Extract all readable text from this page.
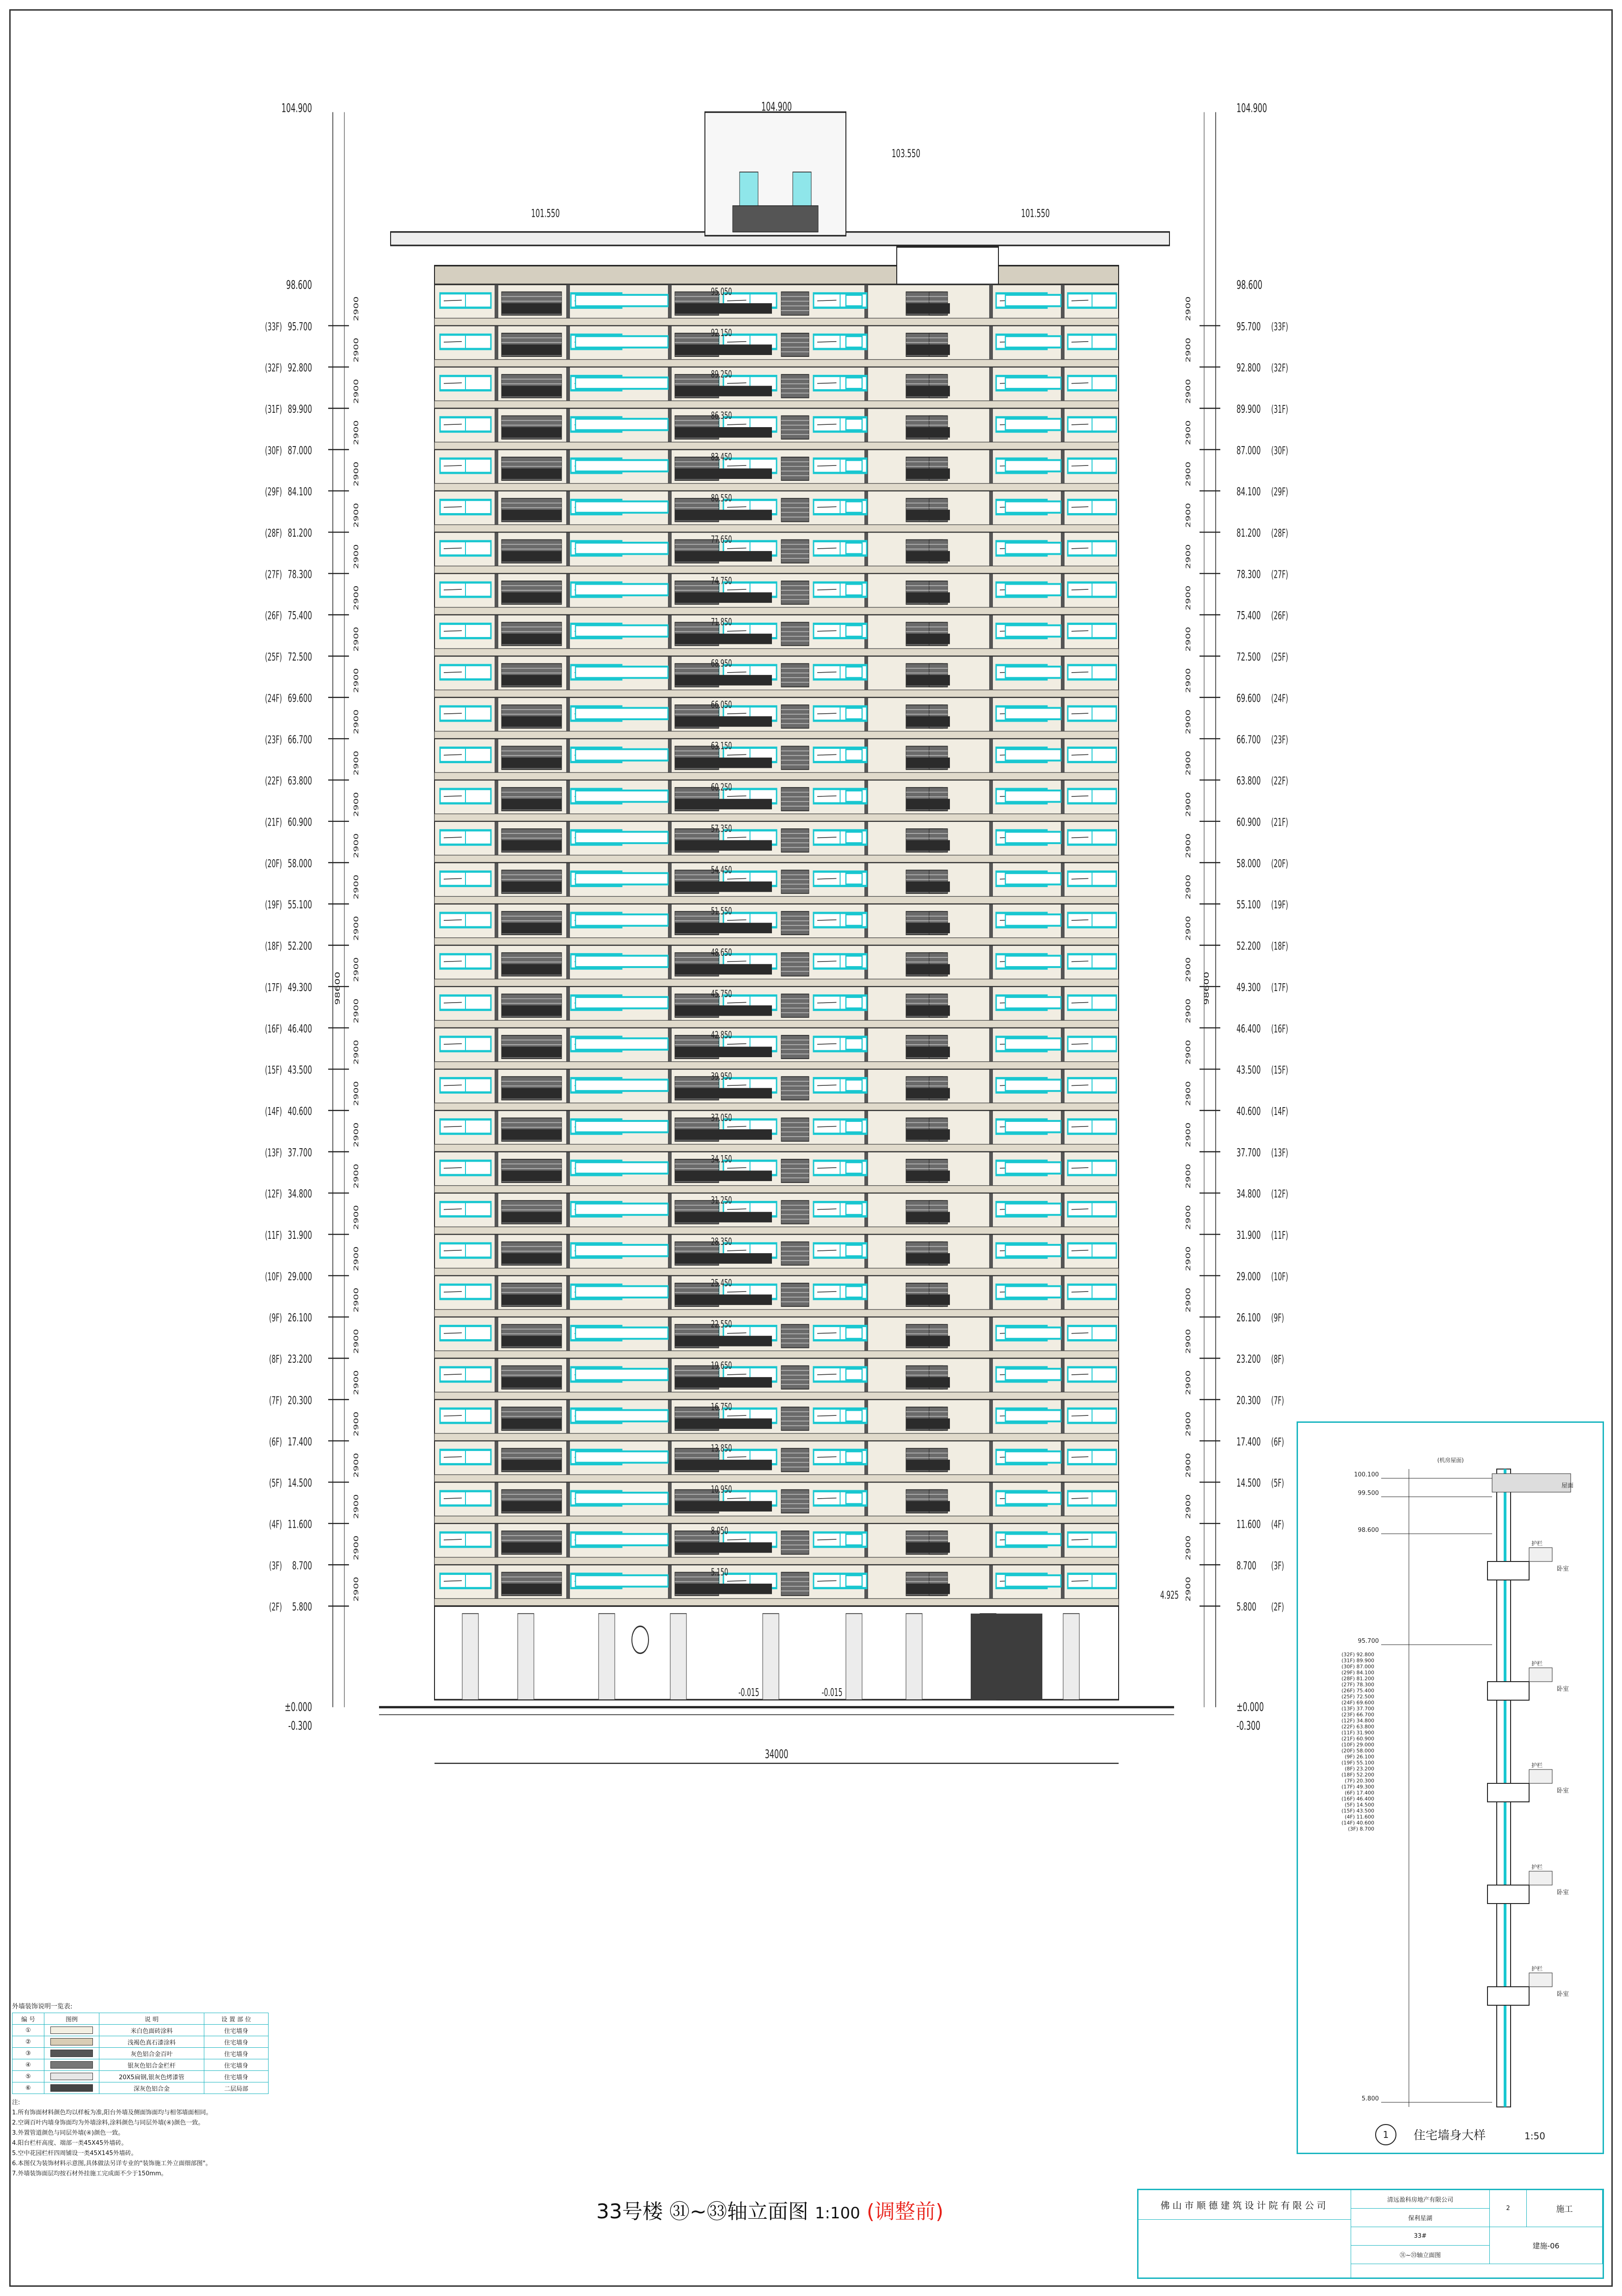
95.050
92.150
89.250
86.350
83.450
80.550
77.650
74.750
71.850
68.950
66.050
63.150
60.250
57.350
54.450
51.550
48.650
45.750
42.850
39.950
37.050
34.150
31.250
28.350
25.450
22.550
19.650
16.750
13.850
10.950
8.050
5.150
34000
104.900	104.900
104.900
103.550
101.550	101.550
98.600	98.600
±0.000	±0.000
-0.300	-0.300
-0.015	-0.015
4.925
(33F) 95.700	95.700 (33F)
2900	2900
(32F) 92.800	92.800 (32F)
2900	2900
(31F) 89.900	89.900 (31F)
2900	2900
(30F) 87.000	87.000 (30F)
2900	2900
(29F) 84.100	84.100 (29F)
2900	2900
(28F) 81.200	81.200 (28F)
2900	2900
(27F) 78.300	78.300 (27F)
2900	2900
(26F) 75.400	75.400 (26F)
2900	2900
(25F) 72.500	72.500 (25F)
2900	2900
(24F) 69.600	69.600 (24F)
2900	2900
(23F) 66.700	66.700 (23F)
2900	2900
(22F) 63.800	63.800 (22F)
2900	2900
(21F) 60.900	60.900 (21F)
2900	2900
(20F) 58.000	58.000 (20F)
2900	2900
(19F) 55.100	55.100 (19F)
2900	2900
(18F) 52.200	52.200 (18F)
2900	2900
(17F) 49.300	49.300 (17F)
2900	2900
(16F) 46.400	46.400 (16F)
2900	2900
(15F) 43.500	43.500 (15F)
2900	2900
(14F) 40.600	40.600 (14F)
2900	2900
(13F) 37.700	37.700 (13F)
2900	2900
(12F) 34.800	34.800 (12F)
2900	2900
(11F) 31.900	31.900 (11F)
2900	2900
(10F) 29.000	29.000 (10F)
2900	2900
(9F) 26.100	26.100 (9F)
2900	2900
(8F) 23.200	23.200 (8F)
2900	2900
(7F) 20.300	20.300 (7F)
2900	2900
(6F) 17.400	17.400 (6F)
2900	2900
(5F) 14.500	14.500 (5F)
2900	2900
(4F) 11.600	11.600 (4F)
2900	2900
(3F) 8.700	8.700 (3F)
2900	2900
(2F) 5.800	5.800 (2F)
2900	2900
98600	98600
33号楼 ㉛~㉝轴立面图 1:100 (调整前)
外墙装饰说明一览表:
编 号	图例	说 明	设 置 部 位
①		米白色面砖涂料	住宅墙身
②		浅褐色真石漆涂料	住宅墙身
③		灰色铝合金百叶	住宅墙身
④		银灰色铝合金栏杆	住宅墙身
⑤		20X5扁钢,银灰色烤漆管	住宅墙身
⑥		深灰色铝合金	二层局部
注:
1.所有饰面材料颜色均以样板为准,阳台外墙及侧面饰面均与相邻墙面相同。
2.空调百叶内墙身饰面均为外墙涂料,涂料颜色与同层外墙(④)颜色一致。
3.外置管道颜色与同层外墙(④)颜色一致。
4.阳台栏杆高度、端部一类45X45外墙砖。
5.空中花园栏杆四周铺设一类45X145外墙砖。
6.本图仅为装饰材料示意图,具体做法另详专业的"装饰施工外立面细部图"。
7.外墙装饰面层均按石材外挂施工完成面不少于150mm。
(机房屋面)
100.100
99.500
98.600
95.700
5.800
卧室
护栏
卧室
护栏
卧室
护栏
卧室
护栏
卧室
护栏
屋面
(32F) 92.800
(31F) 89.900
(30F) 87.000
(29F) 84.100
(28F) 81.200
(27F) 78.300
(26F) 75.400
(25F) 72.500
(24F) 69.600
(13F) 37.700
(23F) 66.700
(12F) 34.800
(22F) 63.800
(11F) 31.900
(21F) 60.900
(10F) 29.000
(20F) 58.000
(9F) 26.100
(19F) 55.100
(8F) 23.200
(18F) 52.200
(7F) 20.300
(17F) 49.300
(6F) 17.400
(16F) 46.400
(5F) 14.500
(15F) 43.500
(4F) 11.600
(14F) 40.600
(3F) 8.700
1 住宅墙身大样	1:50
佛山市顺德建筑设计院有限公司	清远盈科房地产有限公司
保利星湖
33#
㉛~㉝轴立面图
2	施工
建施-06
